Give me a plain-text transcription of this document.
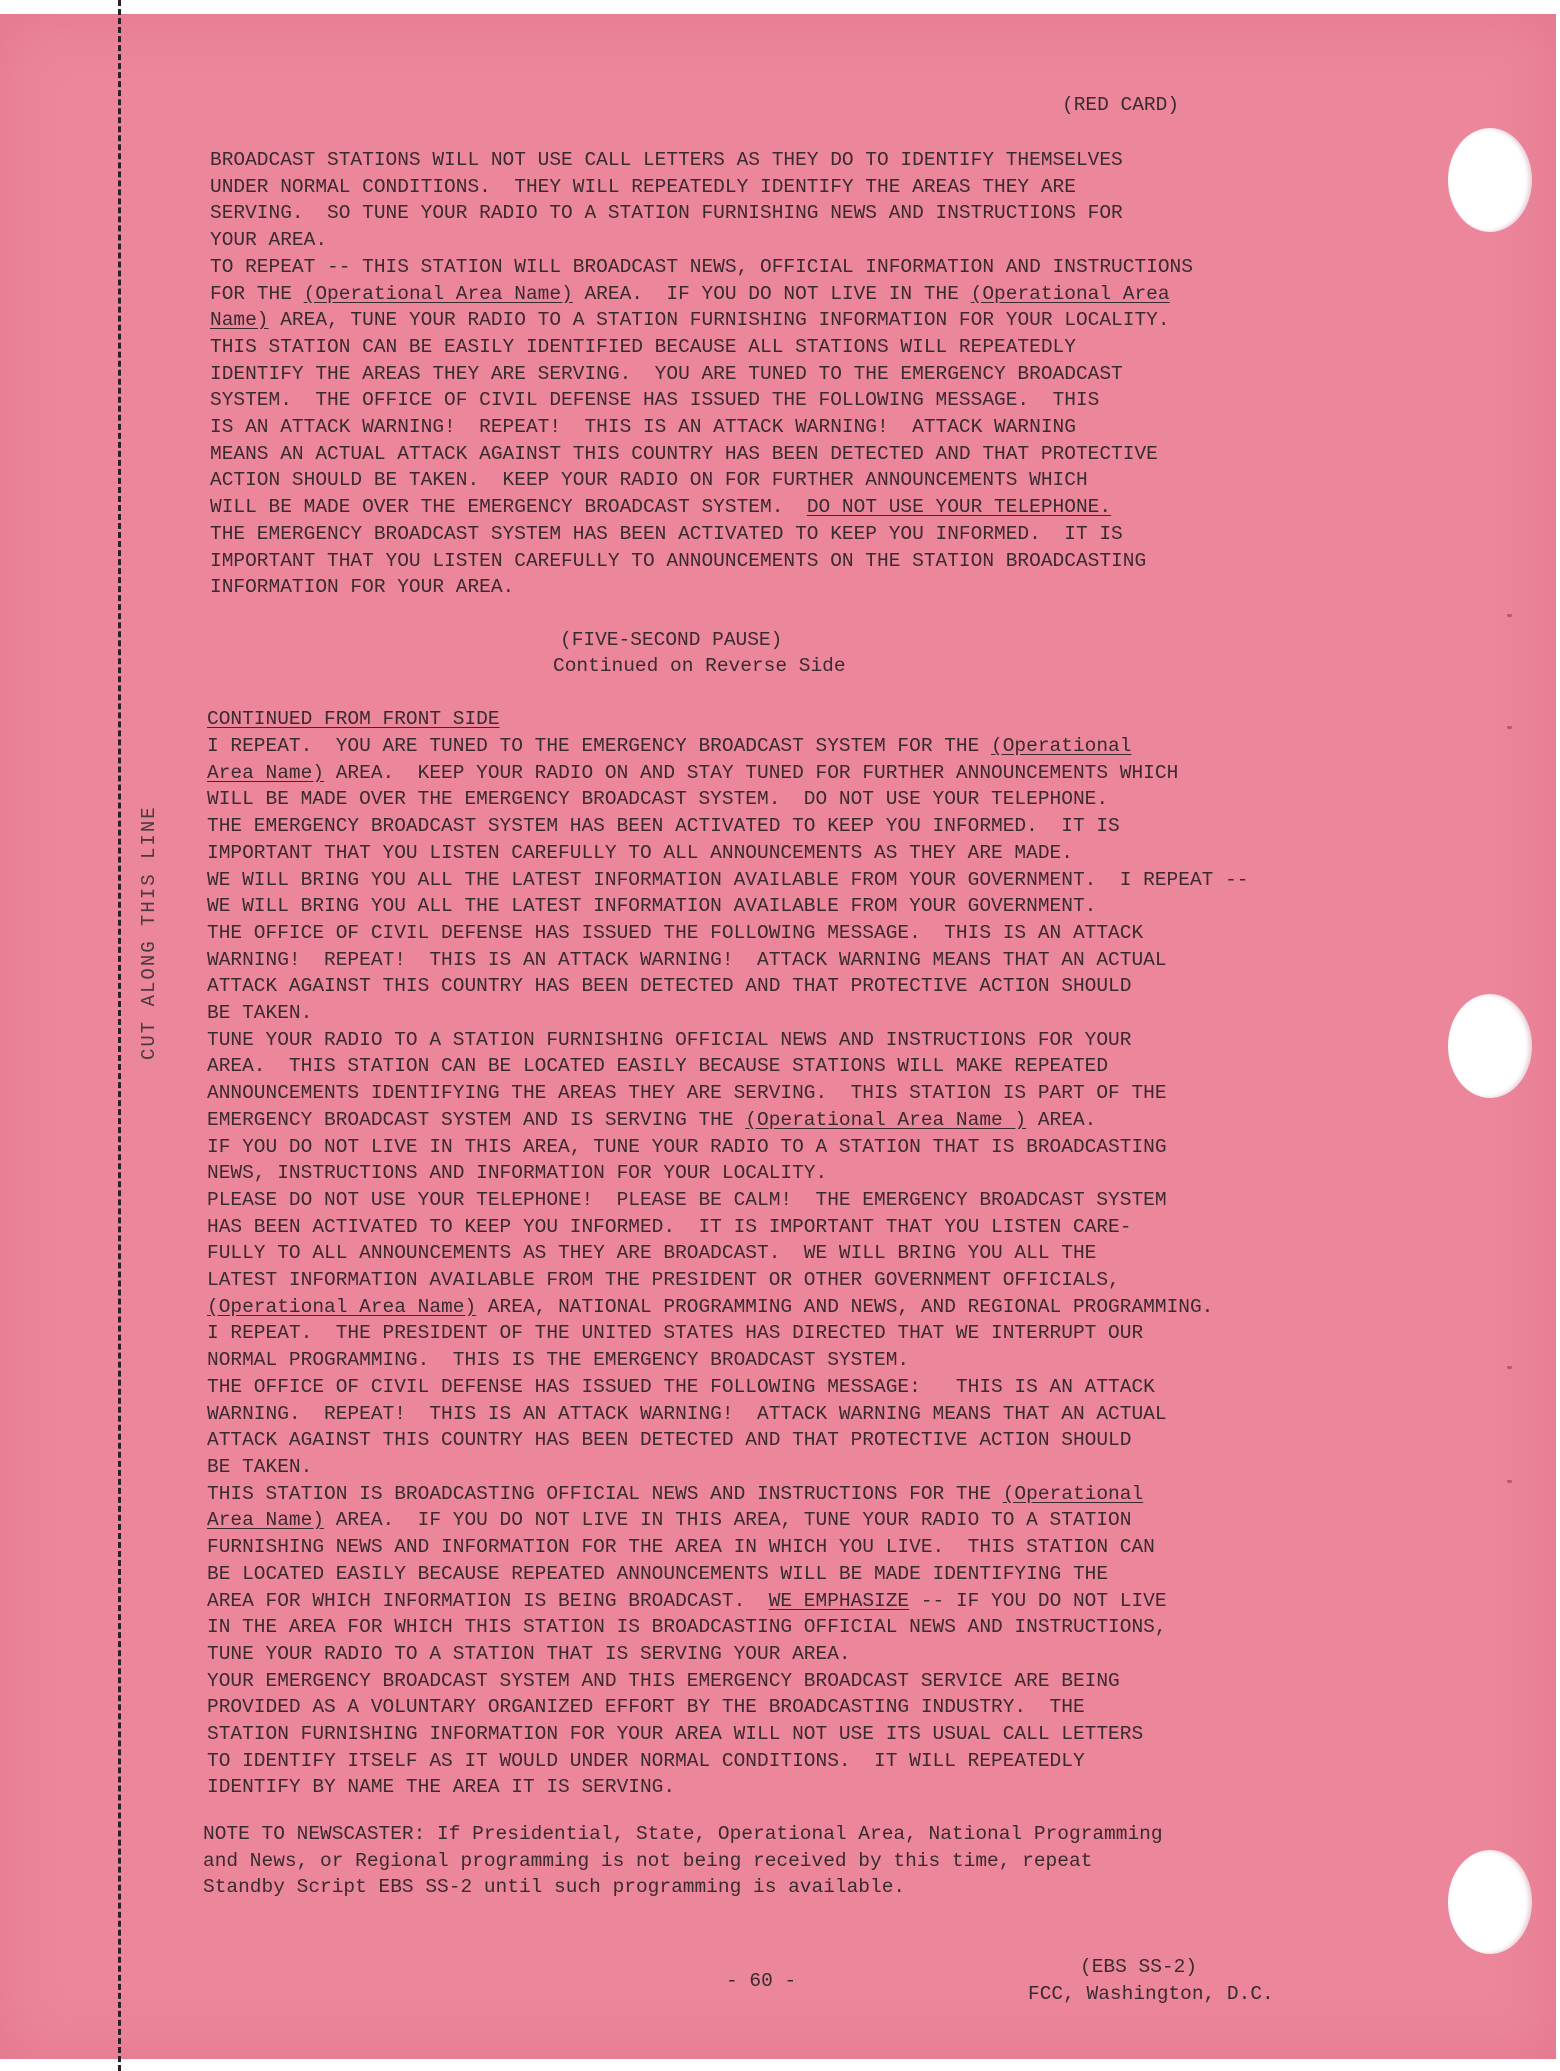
CUT ALONG THIS LINE

(RED CARD)

BROADCAST STATIONS WILL NOT USE CALL LETTERS AS THEY DO TO IDENTIFY THEMSELVES
UNDER NORMAL CONDITIONS.  THEY WILL REPEATEDLY IDENTIFY THE AREAS THEY ARE
SERVING.  SO TUNE YOUR RADIO TO A STATION FURNISHING NEWS AND INSTRUCTIONS FOR
YOUR AREA.
TO REPEAT -- THIS STATION WILL BROADCAST NEWS, OFFICIAL INFORMATION AND INSTRUCTIONS
FOR THE (Operational Area Name) AREA.  IF YOU DO NOT LIVE IN THE (Operational Area
Name) AREA, TUNE YOUR RADIO TO A STATION FURNISHING INFORMATION FOR YOUR LOCALITY.
THIS STATION CAN BE EASILY IDENTIFIED BECAUSE ALL STATIONS WILL REPEATEDLY
IDENTIFY THE AREAS THEY ARE SERVING.  YOU ARE TUNED TO THE EMERGENCY BROADCAST
SYSTEM.  THE OFFICE OF CIVIL DEFENSE HAS ISSUED THE FOLLOWING MESSAGE.  THIS
IS AN ATTACK WARNING!  REPEAT!  THIS IS AN ATTACK WARNING!  ATTACK WARNING
MEANS AN ACTUAL ATTACK AGAINST THIS COUNTRY HAS BEEN DETECTED AND THAT PROTECTIVE
ACTION SHOULD BE TAKEN.  KEEP YOUR RADIO ON FOR FURTHER ANNOUNCEMENTS WHICH
WILL BE MADE OVER THE EMERGENCY BROADCAST SYSTEM.  DO NOT USE YOUR TELEPHONE.
THE EMERGENCY BROADCAST SYSTEM HAS BEEN ACTIVATED TO KEEP YOU INFORMED.  IT IS
IMPORTANT THAT YOU LISTEN CAREFULLY TO ANNOUNCEMENTS ON THE STATION BROADCASTING
INFORMATION FOR YOUR AREA.

(FIVE-SECOND PAUSE)

Continued on Reverse Side

CONTINUED FROM FRONT SIDE

I REPEAT.  YOU ARE TUNED TO THE EMERGENCY BROADCAST SYSTEM FOR THE (Operational
Area Name) AREA.  KEEP YOUR RADIO ON AND STAY TUNED FOR FURTHER ANNOUNCEMENTS WHICH
WILL BE MADE OVER THE EMERGENCY BROADCAST SYSTEM.  DO NOT USE YOUR TELEPHONE.
THE EMERGENCY BROADCAST SYSTEM HAS BEEN ACTIVATED TO KEEP YOU INFORMED.  IT IS
IMPORTANT THAT YOU LISTEN CAREFULLY TO ALL ANNOUNCEMENTS AS THEY ARE MADE.
WE WILL BRING YOU ALL THE LATEST INFORMATION AVAILABLE FROM YOUR GOVERNMENT.  I REPEAT --
WE WILL BRING YOU ALL THE LATEST INFORMATION AVAILABLE FROM YOUR GOVERNMENT.
THE OFFICE OF CIVIL DEFENSE HAS ISSUED THE FOLLOWING MESSAGE.  THIS IS AN ATTACK
WARNING!  REPEAT!  THIS IS AN ATTACK WARNING!  ATTACK WARNING MEANS THAT AN ACTUAL
ATTACK AGAINST THIS COUNTRY HAS BEEN DETECTED AND THAT PROTECTIVE ACTION SHOULD
BE TAKEN.
TUNE YOUR RADIO TO A STATION FURNISHING OFFICIAL NEWS AND INSTRUCTIONS FOR YOUR
AREA.  THIS STATION CAN BE LOCATED EASILY BECAUSE STATIONS WILL MAKE REPEATED
ANNOUNCEMENTS IDENTIFYING THE AREAS THEY ARE SERVING.  THIS STATION IS PART OF THE
EMERGENCY BROADCAST SYSTEM AND IS SERVING THE (Operational Area Name ) AREA.
IF YOU DO NOT LIVE IN THIS AREA, TUNE YOUR RADIO TO A STATION THAT IS BROADCASTING
NEWS, INSTRUCTIONS AND INFORMATION FOR YOUR LOCALITY.
PLEASE DO NOT USE YOUR TELEPHONE!  PLEASE BE CALM!  THE EMERGENCY BROADCAST SYSTEM
HAS BEEN ACTIVATED TO KEEP YOU INFORMED.  IT IS IMPORTANT THAT YOU LISTEN CARE-
FULLY TO ALL ANNOUNCEMENTS AS THEY ARE BROADCAST.  WE WILL BRING YOU ALL THE
LATEST INFORMATION AVAILABLE FROM THE PRESIDENT OR OTHER GOVERNMENT OFFICIALS,
(Operational Area Name) AREA, NATIONAL PROGRAMMING AND NEWS, AND REGIONAL PROGRAMMING.
I REPEAT.  THE PRESIDENT OF THE UNITED STATES HAS DIRECTED THAT WE INTERRUPT OUR
NORMAL PROGRAMMING.  THIS IS THE EMERGENCY BROADCAST SYSTEM.
THE OFFICE OF CIVIL DEFENSE HAS ISSUED THE FOLLOWING MESSAGE:   THIS IS AN ATTACK
WARNING.  REPEAT!  THIS IS AN ATTACK WARNING!  ATTACK WARNING MEANS THAT AN ACTUAL
ATTACK AGAINST THIS COUNTRY HAS BEEN DETECTED AND THAT PROTECTIVE ACTION SHOULD
BE TAKEN.
THIS STATION IS BROADCASTING OFFICIAL NEWS AND INSTRUCTIONS FOR THE (Operational
Area Name) AREA.  IF YOU DO NOT LIVE IN THIS AREA, TUNE YOUR RADIO TO A STATION
FURNISHING NEWS AND INFORMATION FOR THE AREA IN WHICH YOU LIVE.  THIS STATION CAN
BE LOCATED EASILY BECAUSE REPEATED ANNOUNCEMENTS WILL BE MADE IDENTIFYING THE
AREA FOR WHICH INFORMATION IS BEING BROADCAST.  WE EMPHASIZE -- IF YOU DO NOT LIVE
IN THE AREA FOR WHICH THIS STATION IS BROADCASTING OFFICIAL NEWS AND INSTRUCTIONS,
TUNE YOUR RADIO TO A STATION THAT IS SERVING YOUR AREA.
YOUR EMERGENCY BROADCAST SYSTEM AND THIS EMERGENCY BROADCAST SERVICE ARE BEING
PROVIDED AS A VOLUNTARY ORGANIZED EFFORT BY THE BROADCASTING INDUSTRY.  THE
STATION FURNISHING INFORMATION FOR YOUR AREA WILL NOT USE ITS USUAL CALL LETTERS
TO IDENTIFY ITSELF AS IT WOULD UNDER NORMAL CONDITIONS.  IT WILL REPEATEDLY
IDENTIFY BY NAME THE AREA IT IS SERVING.
NOTE TO NEWSCASTER: If Presidential, State, Operational Area, National Programming
and News, or Regional programming is not being received by this time, repeat
Standby Script EBS SS-2 until such programming is available.

- 60 -

(EBS SS-2)

FCC, Washington, D.C.
